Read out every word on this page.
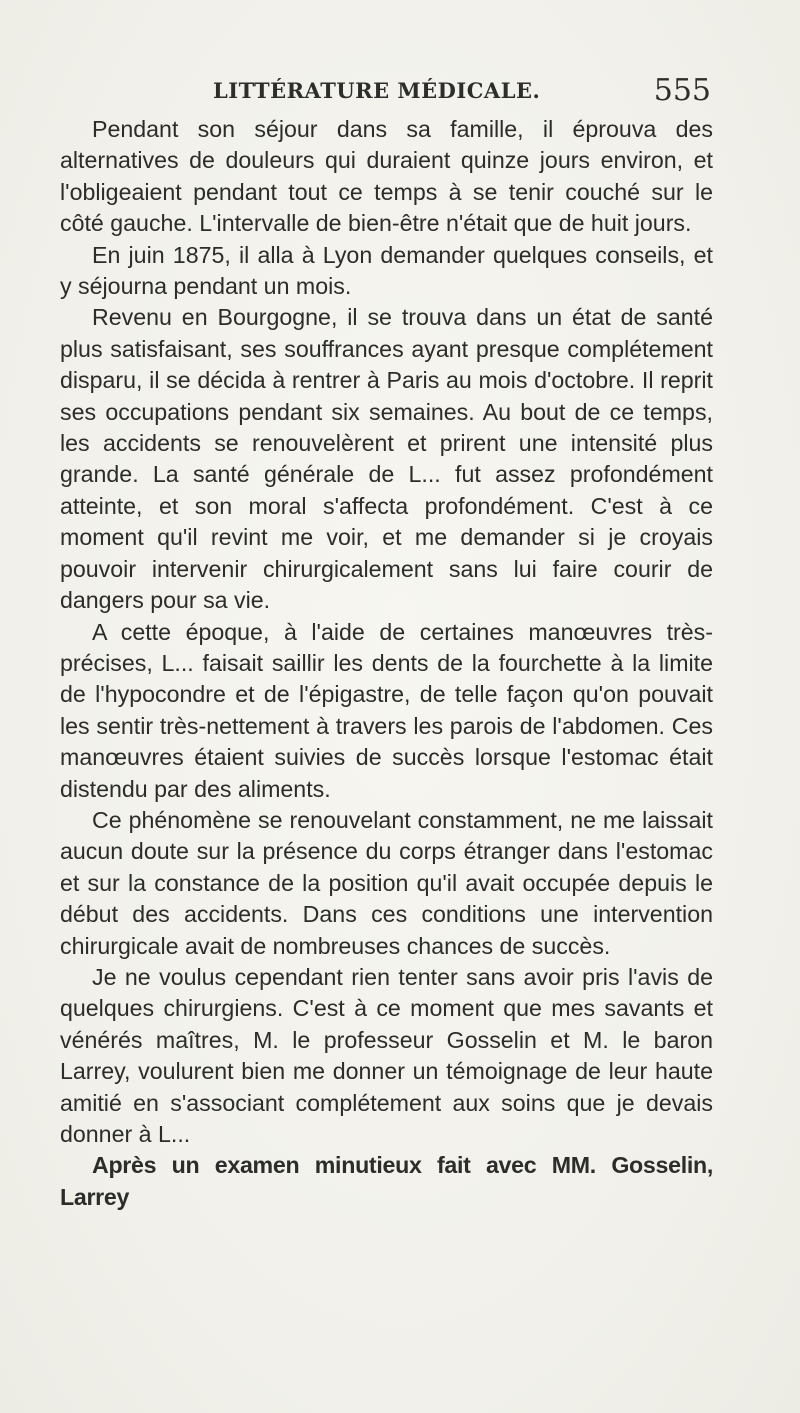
LITTÉRATURE MÉDICALE.	555

Pendant son séjour dans sa famille, il éprouva des alternatives de douleurs qui duraient quinze jours environ, et l'obligeaient pendant tout ce temps à se tenir couché sur le côté gauche. L'intervalle de bien-être n'était que de huit jours.

En juin 1875, il alla à Lyon demander quelques conseils, et y séjourna pendant un mois.

Revenu en Bourgogne, il se trouva dans un état de santé plus satisfaisant, ses souffrances ayant presque complétement disparu, il se décida à rentrer à Paris au mois d'octobre. Il reprit ses occupations pendant six semaines. Au bout de ce temps, les accidents se renouvelèrent et prirent une intensité plus grande. La santé générale de L... fut assez profondément atteinte, et son moral s'affecta profondément. C'est à ce moment qu'il revint me voir, et me demander si je croyais pouvoir intervenir chirurgicalement sans lui faire courir de dangers pour sa vie.

A cette époque, à l'aide de certaines manœuvres très-précises, L... faisait saillir les dents de la fourchette à la limite de l'hypocondre et de l'épigastre, de telle façon qu'on pouvait les sentir très-nettement à travers les parois de l'abdomen. Ces manœuvres étaient suivies de succès lorsque l'estomac était distendu par des aliments.

Ce phénomène se renouvelant constamment, ne me laissait aucun doute sur la présence du corps étranger dans l'estomac et sur la constance de la position qu'il avait occupée depuis le début des accidents. Dans ces conditions une intervention chirurgicale avait de nombreuses chances de succès.

Je ne voulus cependant rien tenter sans avoir pris l'avis de quelques chirurgiens. C'est à ce moment que mes savants et vénérés maîtres, M. le professeur Gosselin et M. le baron Larrey, voulurent bien me donner un témoignage de leur haute amitié en s'associant complétement aux soins que je devais donner à L...

Après un examen minutieux fait avec MM. Gosselin, Larrey
